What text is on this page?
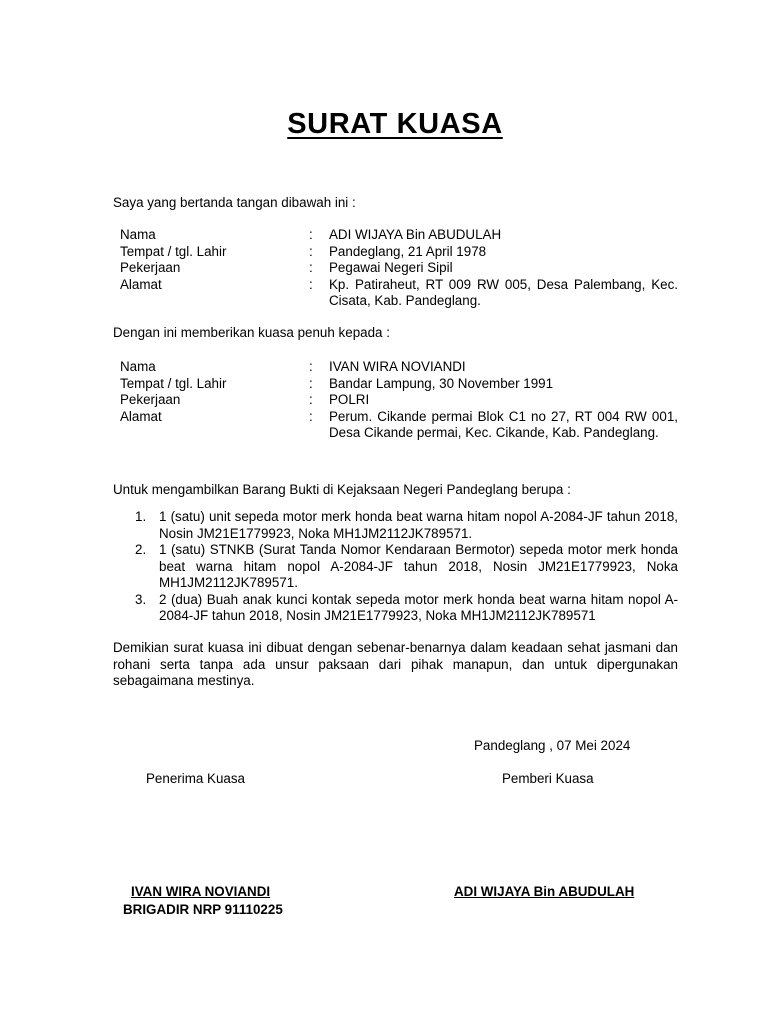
SURAT KUASA

Saya yang bertanda tangan dibawah ini :

Nama	:	ADI WIJAYA Bin ABUDULAH
Tempat / tgl. Lahir	:	Pandeglang, 21 April 1978
Pekerjaan	:	Pegawai Negeri Sipil
Alamat	:	Kp. Patiraheut, RT 009 RW 005, Desa Palembang, Kec. Cisata, Kab. Pandeglang.

Dengan ini memberikan kuasa penuh kepada :

Nama	:	IVAN WIRA NOVIANDI
Tempat / tgl. Lahir	:	Bandar Lampung, 30 November 1991
Pekerjaan	:	POLRI
Alamat	:	Perum. Cikande permai Blok C1 no 27, RT 004 RW 001, Desa Cikande permai, Kec. Cikande, Kab. Pandeglang.

Untuk mengambilkan Barang Bukti di Kejaksaan Negeri Pandeglang berupa :

1. 1 (satu) unit sepeda motor merk honda beat warna hitam nopol A-2084-JF tahun 2018, Nosin JM21E1779923, Noka MH1JM2112JK789571.
2. 1 (satu) STNKB (Surat Tanda Nomor Kendaraan Bermotor) sepeda motor merk honda beat warna hitam nopol A-2084-JF tahun 2018, Nosin JM21E1779923, Noka MH1JM2112JK789571.
3. 2 (dua) Buah anak kunci kontak sepeda motor merk honda beat warna hitam nopol A-2084-JF tahun 2018, Nosin JM21E1779923, Noka MH1JM2112JK789571

Demikian surat kuasa ini dibuat dengan sebenar-benarnya dalam keadaan sehat jasmani dan rohani serta tanpa ada unsur paksaan dari pihak manapun, dan untuk dipergunakan sebagaimana mestinya.

Pandeglang , 07 Mei 2024
Penerima Kuasa	Pemberi Kuasa
IVAN WIRA NOVIANDI
BRIGADIR NRP 91110225
ADI WIJAYA Bin ABUDULAH
